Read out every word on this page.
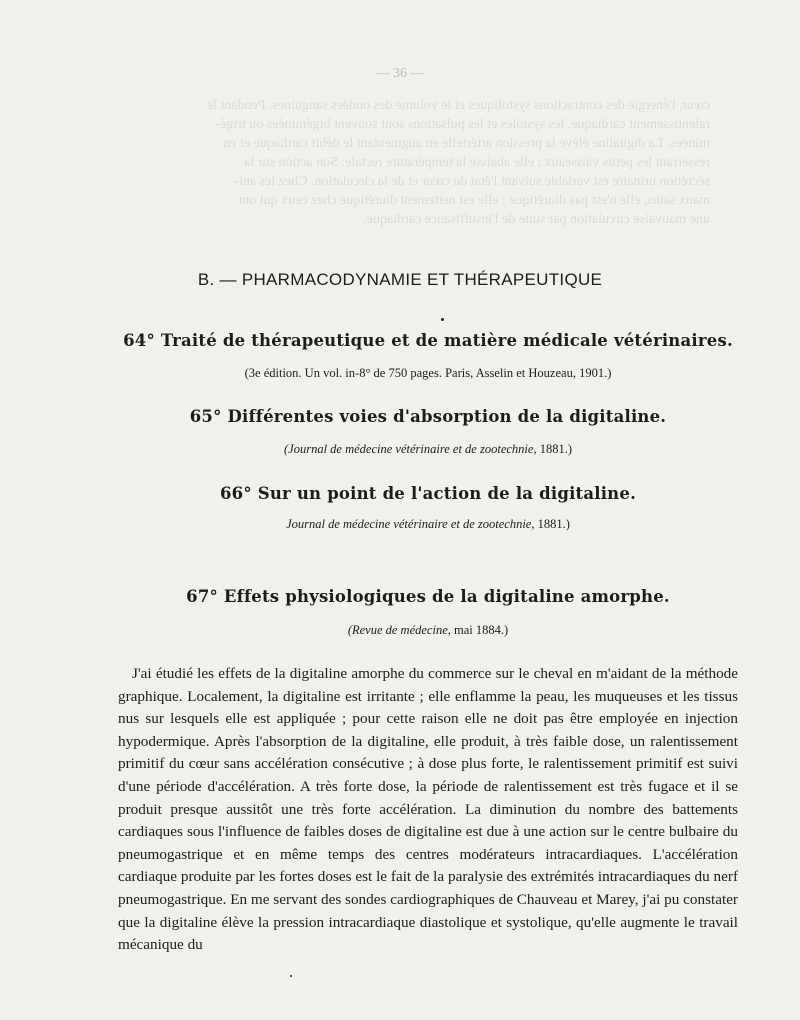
— 36 —
cœur, l'énergie des contractions systoliques et le volume des ondées sanguines. Pendant le
ralentissement cardiaque, les systoles et les pulsations sont souvent bigéminées ou trigé-
minées. La digitaline élève la pression artérielle en augmentant le débit cardiaque et en
resserrant les petits vaisseaux ; elle abaisse la température rectale. Son action sur la
sécrétion urinaire est variable suivant l'état du cœur et de la circulation. Chez les ani-
maux sains, elle n'est pas diurétique ; elle est nettement diurétique chez ceux qui ont
une mauvaise circulation par suite de l'insuffisance cardiaque.
B. — PHARMACODYNAMIE ET THÉRAPEUTIQUE
64° Traité de thérapeutique et de matière médicale vétérinaires.
(3e édition. Un vol. in-8° de 750 pages. Paris, Asselin et Houzeau, 1901.)
65° Différentes voies d'absorption de la digitaline.
(Journal de médecine vétérinaire et de zootechnie, 1881.)
66° Sur un point de l'action de la digitaline.
Journal de médecine vétérinaire et de zootechnie, 1881.)
67° Effets physiologiques de la digitaline amorphe.
(Revue de médecine, mai 1884.)

J'ai étudié les effets de la digitaline amorphe du commerce sur le cheval en m'aidant de la méthode graphique. Localement, la digitaline est irritante ; elle enflamme la peau, les muqueuses et les tissus nus sur lesquels elle est appliquée ; pour cette raison elle ne doit pas être employée en injection hypodermique. Après l'absorption de la digitaline, elle produit, à très faible dose, un ralentissement primitif du cœur sans accélération consécutive ; à dose plus forte, le ralentissement primitif est suivi d'une période d'accélération. A très forte dose, la période de ralentissement est très fugace et il se produit presque aussitôt une très forte accélération. La diminution du nombre des battements cardiaques sous l'influence de faibles doses de digitaline est due à une action sur le centre bulbaire du pneumogastrique et en même temps des centres modérateurs intracardiaques. L'accélération cardiaque produite par les fortes doses est le fait de la paralysie des extrémités intracardiaques du nerf pneumogastrique. En me servant des sondes cardiographiques de Chauveau et Marey, j'ai pu constater que la digitaline élève la pression intracardiaque diastolique et systolique, qu'elle augmente le travail mécanique du
